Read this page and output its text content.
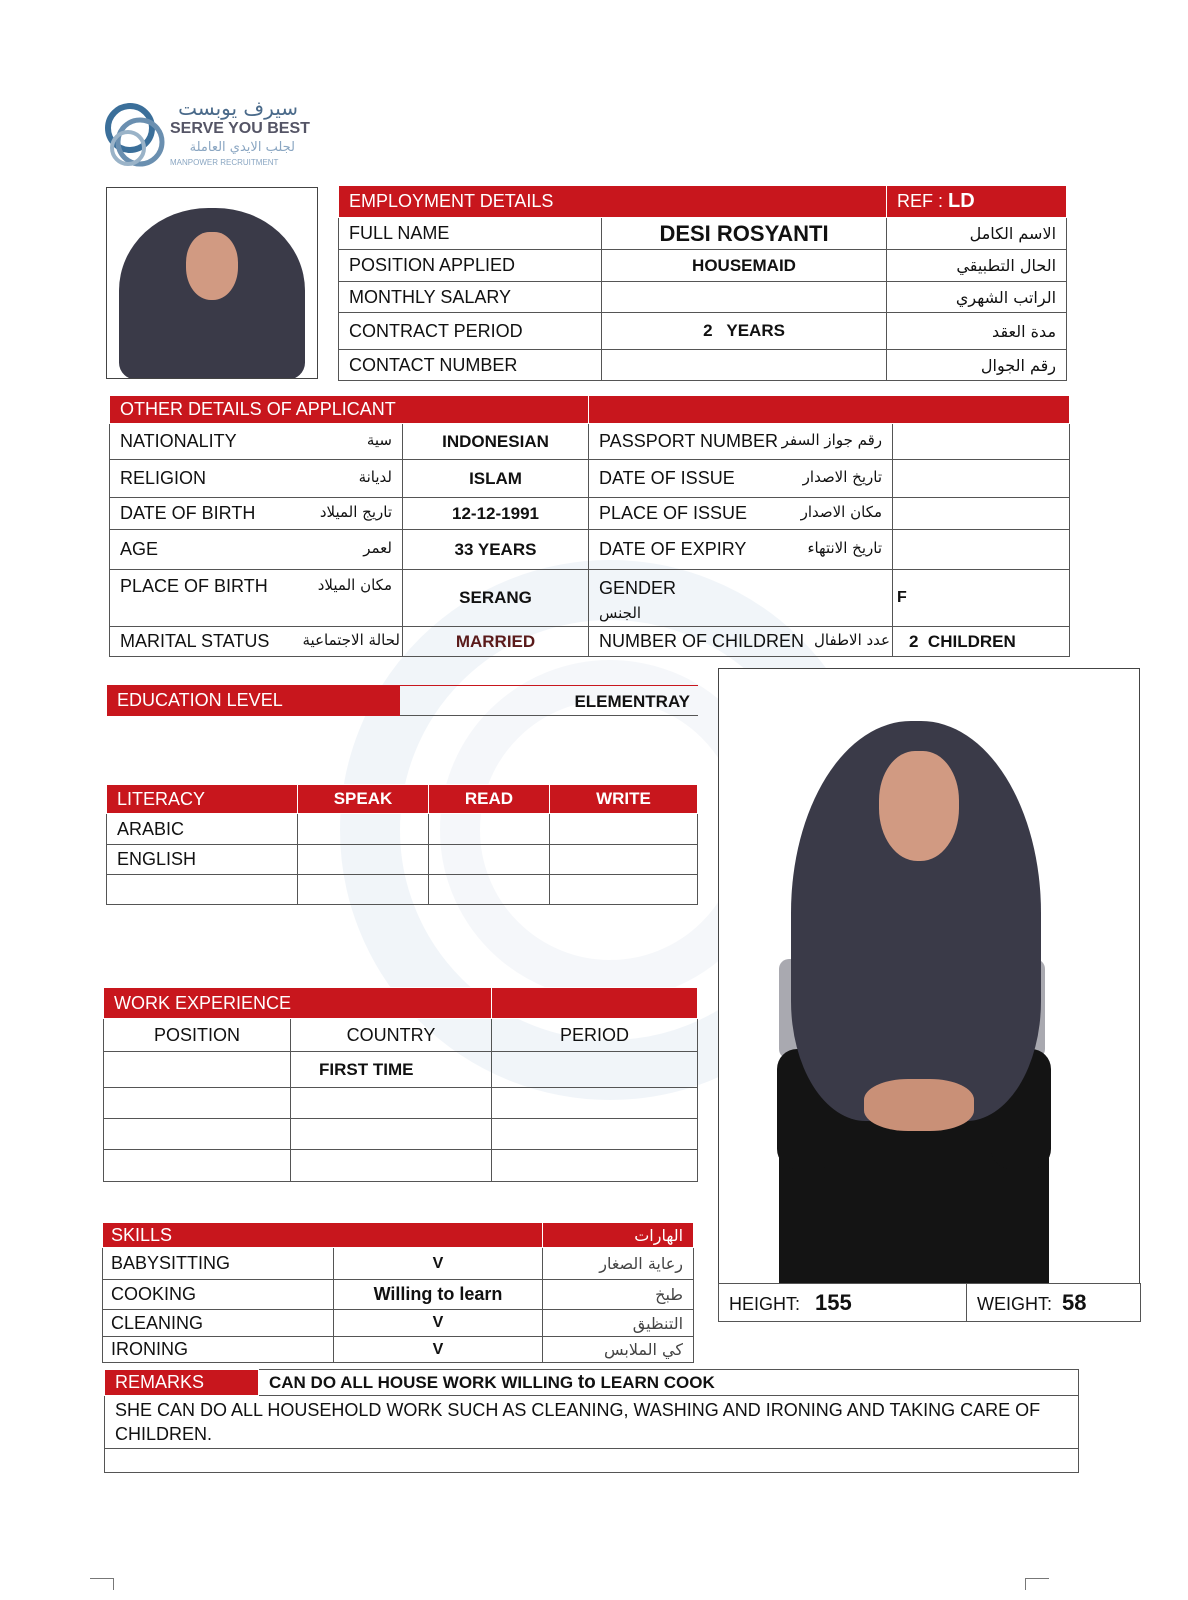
سيرف يوبست
SERVE YOU BEST
لجلب الايدي العاملة
MANPOWER RECRUITMENT
EMPLOYMENT DETAILS		REF : LD
FULL NAME	DESI ROSYANTI	الاسم الكامل
POSITION APPLIED	HOUSEMAID	الحال التطبيقي
MONTHLY SALARY		الراتب الشهري
CONTRACT PERIOD	2   YEARS	مدة العقد
CONTACT NUMBER		رقم الجوال
OTHER DETAILS OF APPLICANT			
NATIONALITY سية	INDONESIAN	PASSPORT NUMBER رقم جواز السفر	

RELIGION لديانة	ISLAM	DATE OF ISSUE تاريخ الاصدار	

DATE OF BIRTH تاريج الميلاد	12-12-1991	PLACE OF ISSUE مكان الاصدار	

AGE لعمر	33 YEARS	DATE OF EXPIRY تاريخ الانتهاء	

PLACE OF BIRTH مكان الميلاد	SERANG	GENDER
الجنس	F
MARITAL STATUS لحالة الاجتماعية	MARRIED	NUMBER OF CHILDREN عدد الاطفال	2  CHILDREN
EDUCATION LEVEL	ELEMENTRAY
LITERACY	SPEAK	READ	WRITE
ARABIC			
ENGLISH			

WORK EXPERIENCE		
POSITION	COUNTRY	PERIOD
	FIRST TIME	

SKILLS		الهارات
BABYSITTING	V	رعاية الصغار
COOKING	Willing to learn	طبخ
CLEANING	V	التنظيق
IRONING	V	كي الملابس
HEIGHT: 155	WEIGHT: 58
REMARKS	CAN DO ALL HOUSE WORK WILLING to LEARN COOK
SHE CAN DO ALL HOUSEHOLD WORK SUCH AS CLEANING, WASHING AND IRONING AND TAKING CARE OF CHILDREN.
